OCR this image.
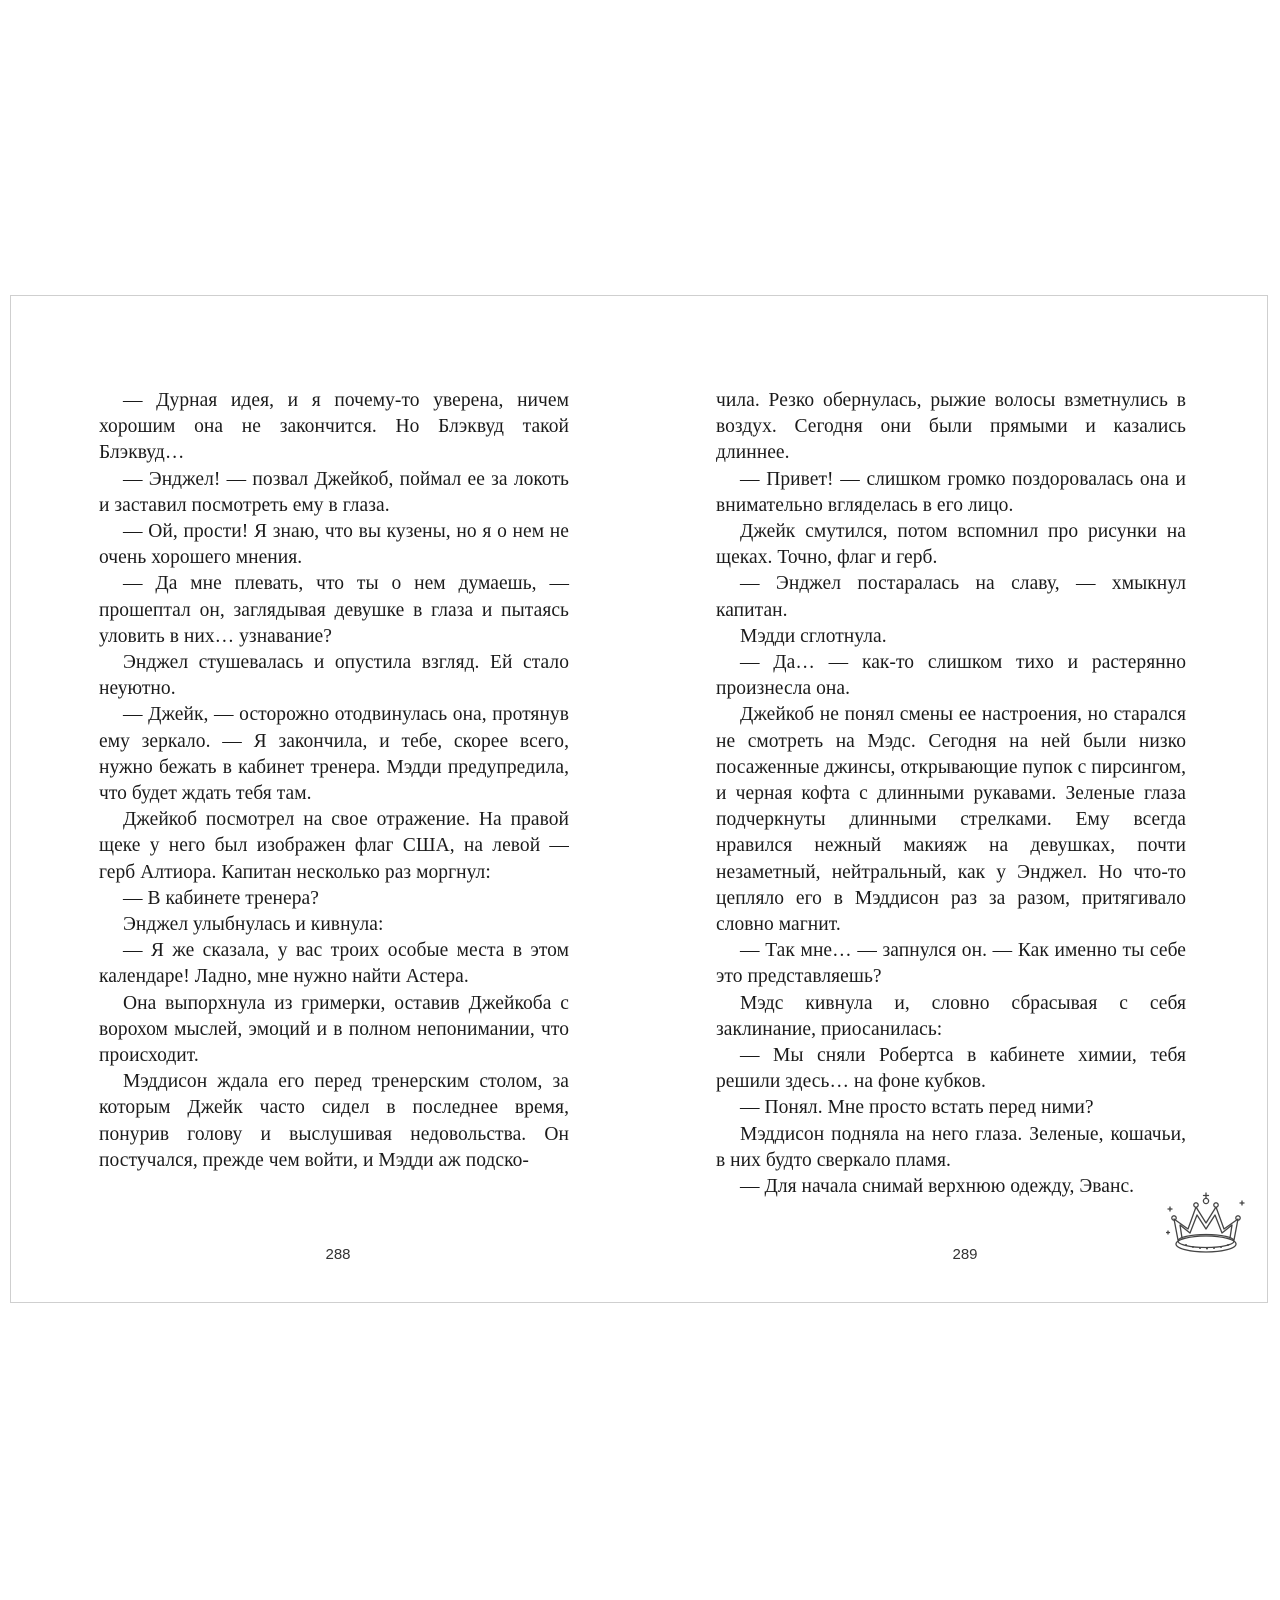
— Дурная идея, и я почему-то уверена, ничем хорошим она не закончится. Но Блэквуд такой Блэквуд…

— Энджел! — позвал Джейкоб, поймал ее за локоть и заставил посмотреть ему в глаза.

— Ой, прости! Я знаю, что вы кузены, но я о нем не очень хорошего мнения.

— Да мне плевать, что ты о нем думаешь, — прошептал он, заглядывая девушке в глаза и пытаясь уловить в них… узнавание?

Энджел стушевалась и опустила взгляд. Ей стало неуютно.

— Джейк, — осторожно отодвинулась она, протянув ему зеркало. — Я закончила, и тебе, скорее всего, нужно бежать в кабинет тренера. Мэдди предупредила, что будет ждать тебя там.

Джейкоб посмотрел на свое отражение. На правой щеке у него был изображен флаг США, на левой — герб Алтиора. Капитан несколько раз моргнул:

— В кабинете тренера?

Энджел улыбнулась и кивнула:

— Я же сказала, у вас троих особые места в этом календаре! Ладно, мне нужно найти Астера.

Она выпорхнула из гримерки, оставив Джейкоба с ворохом мыслей, эмоций и в полном непонимании, что происходит.

Мэддисон ждала его перед тренерским столом, за которым Джейк часто сидел в последнее время, понурив голову и выслушивая недовольства. Он постучался, прежде чем войти, и Мэдди аж подско-

чила. Резко обернулась, рыжие волосы взметнулись в воздух. Сегодня они были прямыми и казались длиннее.

— Привет! — слишком громко поздоровалась она и внимательно вгляделась в его лицо.

Джейк смутился, потом вспомнил про рисунки на щеках. Точно, флаг и герб.

— Энджел постаралась на славу, — хмыкнул капитан.

Мэдди сглотнула.

— Да… — как-то слишком тихо и растерянно произнесла она.

Джейкоб не понял смены ее настроения, но старался не смотреть на Мэдс. Сегодня на ней были низко посаженные джинсы, открывающие пупок с пирсингом, и черная кофта с длинными рукавами. Зеленые глаза подчеркнуты длинными стрелками. Ему всегда нравился нежный макияж на девушках, почти незаметный, нейтральный, как у Энджел. Но что-то цепляло его в Мэддисон раз за разом, притягивало словно магнит.

— Так мне… — запнулся он. — Как именно ты себе это представляешь?

Мэдс кивнула и, словно сбрасывая с себя заклинание, приосанилась:

— Мы сняли Робертса в кабинете химии, тебя решили здесь… на фоне кубков.

— Понял. Мне просто встать перед ними?

Мэддисон подняла на него глаза. Зеленые, кошачьи, в них будто сверкало пламя.

— Для начала снимай верхнюю одежду, Эванс.

288	289
